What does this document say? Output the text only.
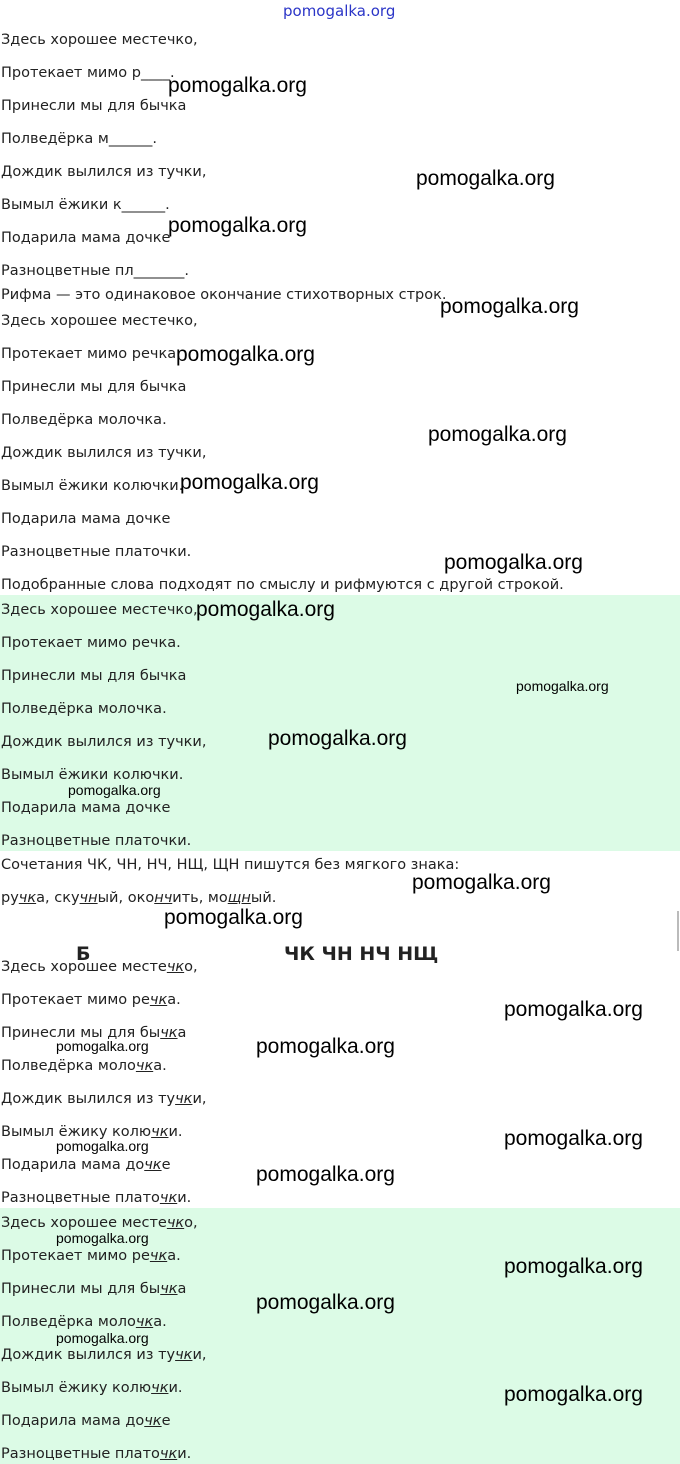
pomogalka.org
Здесь хорошее местечко,
Протекает мимо р____.
Принесли мы для бычка
Полведёрка м______.
Дождик вылился из тучки,
Вымыл ёжики к______.
Подарила мама дочке
Разноцветные пл_______.
Рифма — это одинаковое окончание стихотворных строк.
Здесь хорошее местечко,
Протекает мимо речка.
Принесли мы для бычка
Полведёрка молочка.
Дождик вылился из тучки,
Вымыл ёжики колючки.
Подарила мама дочке
Разноцветные платочки.
Подобранные слова подходят по смыслу и рифмуются с другой строкой.
Здесь хорошее местечко,
Протекает мимо речка.
Принесли мы для бычка
Полведёрка молочка.
Дождик вылился из тучки,
Вымыл ёжики колючки.
Подарила мама дочке
Разноцветные платочки.
Сочетания ЧК, ЧН, НЧ, НЩ, ЩН пишутся без мягкого знака:
ручка, скучный, окончить, мощный.
Б	ЧК ЧН НЧ НЩ
Здесь хорошее местечко,
Протекает мимо речка.
Принесли мы для бычка
Полведёрка молочка.
Дождик вылился из тучки,
Вымыл ёжику колючки.
Подарила мама дочке
Разноцветные платочки.
Здесь хорошее местечко,
Протекает мимо речка.
Принесли мы для бычка
Полведёрка молочка.
Дождик вылился из тучки,
Вымыл ёжику колючки.
Подарила мама дочке
Разноцветные платочки.
pomogalka.org
pomogalka.org
pomogalka.org
pomogalka.org
pomogalka.org
pomogalka.org
pomogalka.org
pomogalka.org
pomogalka.org
pomogalka.org
pomogalka.org
pomogalka.org
pomogalka.org
pomogalka.org
pomogalka.org
pomogalka.org	pomogalka.org
pomogalka.org
pomogalka.org
pomogalka.org
pomogalka.org
pomogalka.org
pomogalka.org
pomogalka.org
pomogalka.org
